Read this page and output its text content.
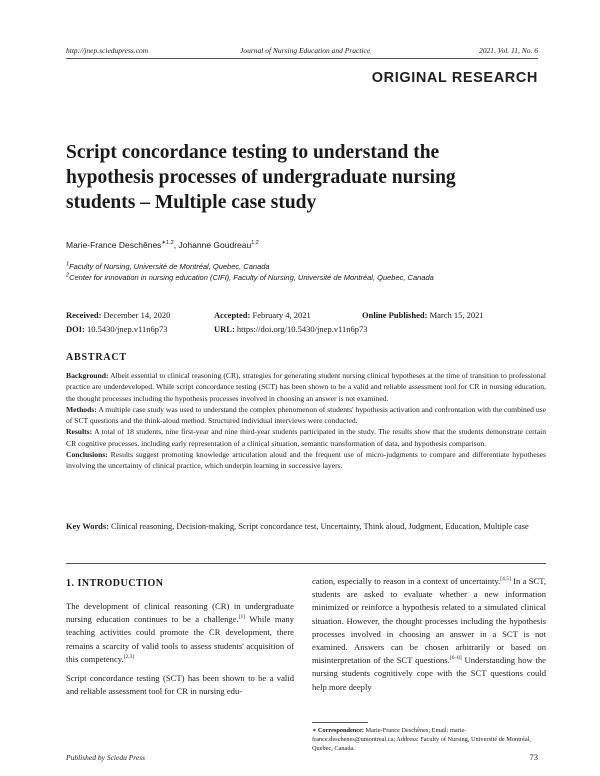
http://jnep.sciedupress.com	Journal of Nursing Education and Practice	2021, Vol. 11, No. 6
ORIGINAL RESEARCH
Script concordance testing to understand the hypothesis processes of undergraduate nursing students – Multiple case study
Marie-France Deschênes$^{∗1,2}$, Johanne Goudreau$^{1,2}$
$^1$Faculty of Nursing, Université de Montréal, Quebec, Canada
$^2$Center for innovation in nursing education (CIFI), Faculty of Nursing, Université de Montréal, Quebec, Canada
Received: December 14, 2020	Accepted: February 4, 2021	Online Published: March 15, 2021
DOI: 10.5430/jnep.v11n6p73	URL: https://doi.org/10.5430/jnep.v11n6p73
ABSTRACT

Background: Albeit essential to clinical reasoning (CR), strategies for generating student nursing clinical hypotheses at the time of transition to professional practice are underdeveloped. While script concordance testing (SCT) has been shown to be a valid and reliable assessment tool for CR in nursing education, the thought processes including the hypothesis processes involved in choosing an answer is not examined.

Methods: A multiple case study was used to understand the complex phenomenon of students' hypothesis activation and confrontation with the combined use of SCT questions and the think-aloud method. Structured individual interviews were conducted.

Results: A total of 18 students, nine first-year and nine third-year students participated in the study. The results show that the students demonstrate certain CR cognitive processes, including early representation of a clinical situation, semantic transformation of data, and hypothesis comparison.

Conclusions: Results suggest promoting knowledge articulation aloud and the frequent use of micro-judgments to compare and differentiate hypotheses involving the uncertainty of clinical practice, which underpin learning in successive layers.

Key Words: Clinical reasoning, Decision-making, Script concordance test, Uncertainty, Think aloud, Judgment, Education, Multiple case
1. INTRODUCTION

The development of clinical reasoning (CR) in undergraduate nursing education continues to be a challenge.[1] While many teaching activities could promote the CR development, there remains a scarcity of valid tools to assess students' acquisition of this competency.[2,3]

Script concordance testing (SCT) has been shown to be a valid and reliable assessment tool for CR in nursing edu-

cation, especially to reason in a context of uncertainty.[4,5] In a SCT, students are asked to evaluate whether a new information minimized or reinforce a hypothesis related to a simulated clinical situation. However, the thought processes including the hypothesis processes involved in choosing an answer in a SCT is not examined. Answers can be chosen arbitrarily or based on misinterpretation of the SCT questions.[6–8] Understanding how the nursing students cognitively cope with the SCT questions could help more deeply

∗ Correspondence: Marie-France Deschênes; Email: marie-france.deschenes@umontreal.ca; Address: Faculty of Nursing, Université de Montréal, Quebec, Canada.
Published by Sciedu Press	73
